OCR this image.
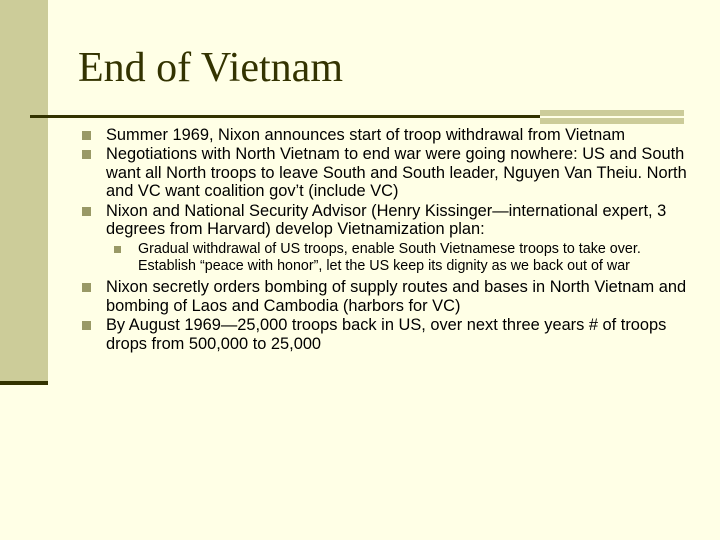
End of Vietnam
Summer 1969, Nixon announces start of troop withdrawal from Vietnam
Negotiations with North Vietnam to end war were going nowhere: US and South want all North troops to leave South and South leader, Nguyen Van Theiu. North and VC want coalition gov’t (include VC)
Nixon and National Security Advisor (Henry Kissinger—international expert, 3 degrees from Harvard) develop Vietnamization plan:
Gradual withdrawal of US troops, enable South Vietnamese troops to take over. Establish “peace with honor”, let the US keep its dignity as we back out of war
Nixon secretly orders bombing of supply routes and bases in North Vietnam and bombing of Laos and Cambodia (harbors for VC)
By August 1969—25,000 troops back in US, over next three years # of troops drops from 500,000 to 25,000
